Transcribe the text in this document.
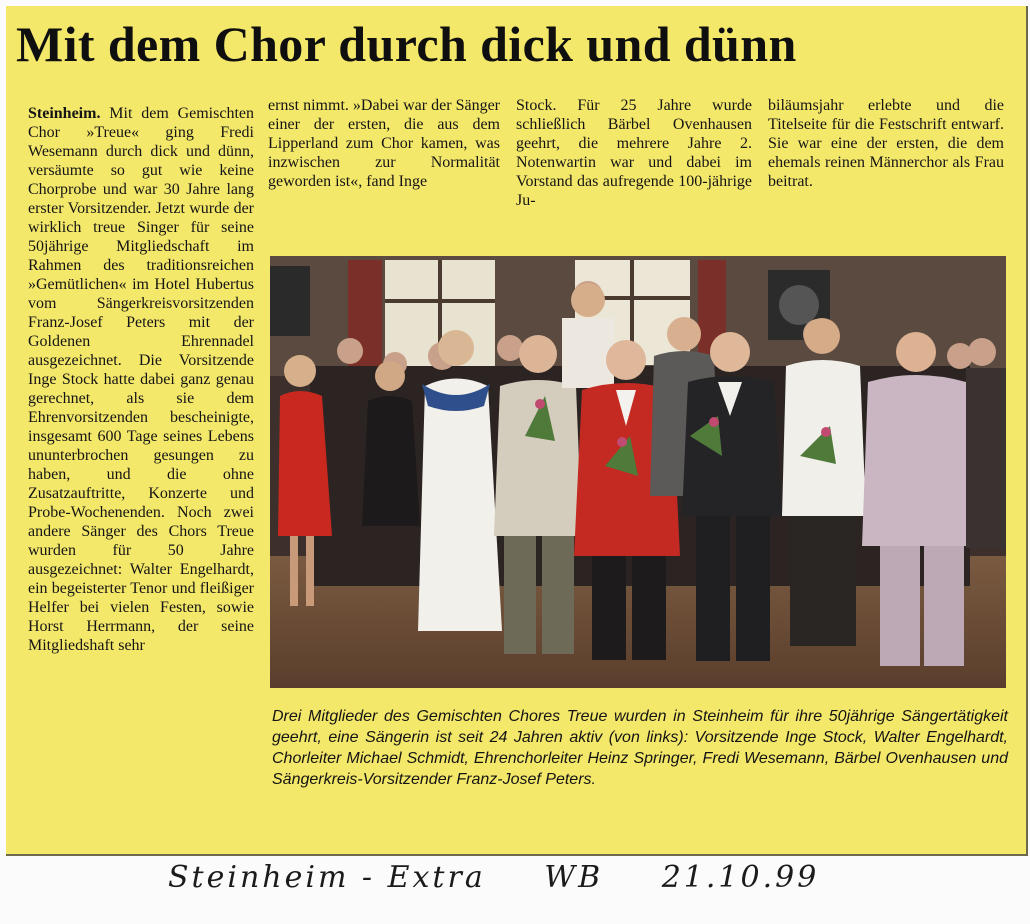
Mit dem Chor durch dick und dünn

Steinheim. Mit dem Gemischten Chor »Treue« ging Fredi Wesemann durch dick und dünn, versäumte so gut wie keine Chorprobe und war 30 Jahre lang erster Vorsitzender. Jetzt wurde der wirklich treue Singer für seine 50jährige Mitgliedschaft im Rahmen des traditionsreichen »Gemütlichen« im Hotel Hubertus vom Sängerkreisvorsitzenden Franz-Josef Peters mit der Goldenen Ehrennadel ausgezeichnet. Die Vorsitzende Inge Stock hatte dabei ganz genau gerechnet, als sie dem Ehrenvorsitzenden bescheinigte, insgesamt 600 Tage seines Lebens ununterbrochen gesungen zu haben, und die ohne Zusatzauftritte, Konzerte und Probe-Wochenenden. Noch zwei andere Sänger des Chors Treue wurden für 50 Jahre ausgezeichnet: Walter Engelhardt, ein begeisterter Tenor und fleißiger Helfer bei vielen Festen, sowie Horst Herrmann, der seine Mitgliedshaft sehr

ernst nimmt. »Dabei war der Sänger einer der ersten, die aus dem Lipperland zum Chor kamen, was inzwischen zur Normalität geworden ist«, fand Inge

Stock. Für 25 Jahre wurde schließlich Bärbel Ovenhausen geehrt, die mehrere Jahre 2. Notenwartin war und dabei im Vorstand das aufregende 100-jährige Ju-

biläumsjahr erlebte und die Titelseite für die Festschrift entwarf. Sie war eine der ersten, die dem ehemals reinen Männerchor als Frau beitrat.

Drei Mitglieder des Gemischten Chores Treue wurden in Steinheim für ihre 50jährige Sängertätigkeit geehrt, eine Sängerin ist seit 24 Jahren aktiv (von links): Vorsitzende Inge Stock, Walter Engelhardt, Chorleiter Michael Schmidt, Ehrenchorleiter Heinz Springer, Fredi Wesemann, Bärbel Ovenhausen und Sängerkreis-Vorsitzender Franz-Josef Peters.

Steinheim - Extra WB 21.10.99
